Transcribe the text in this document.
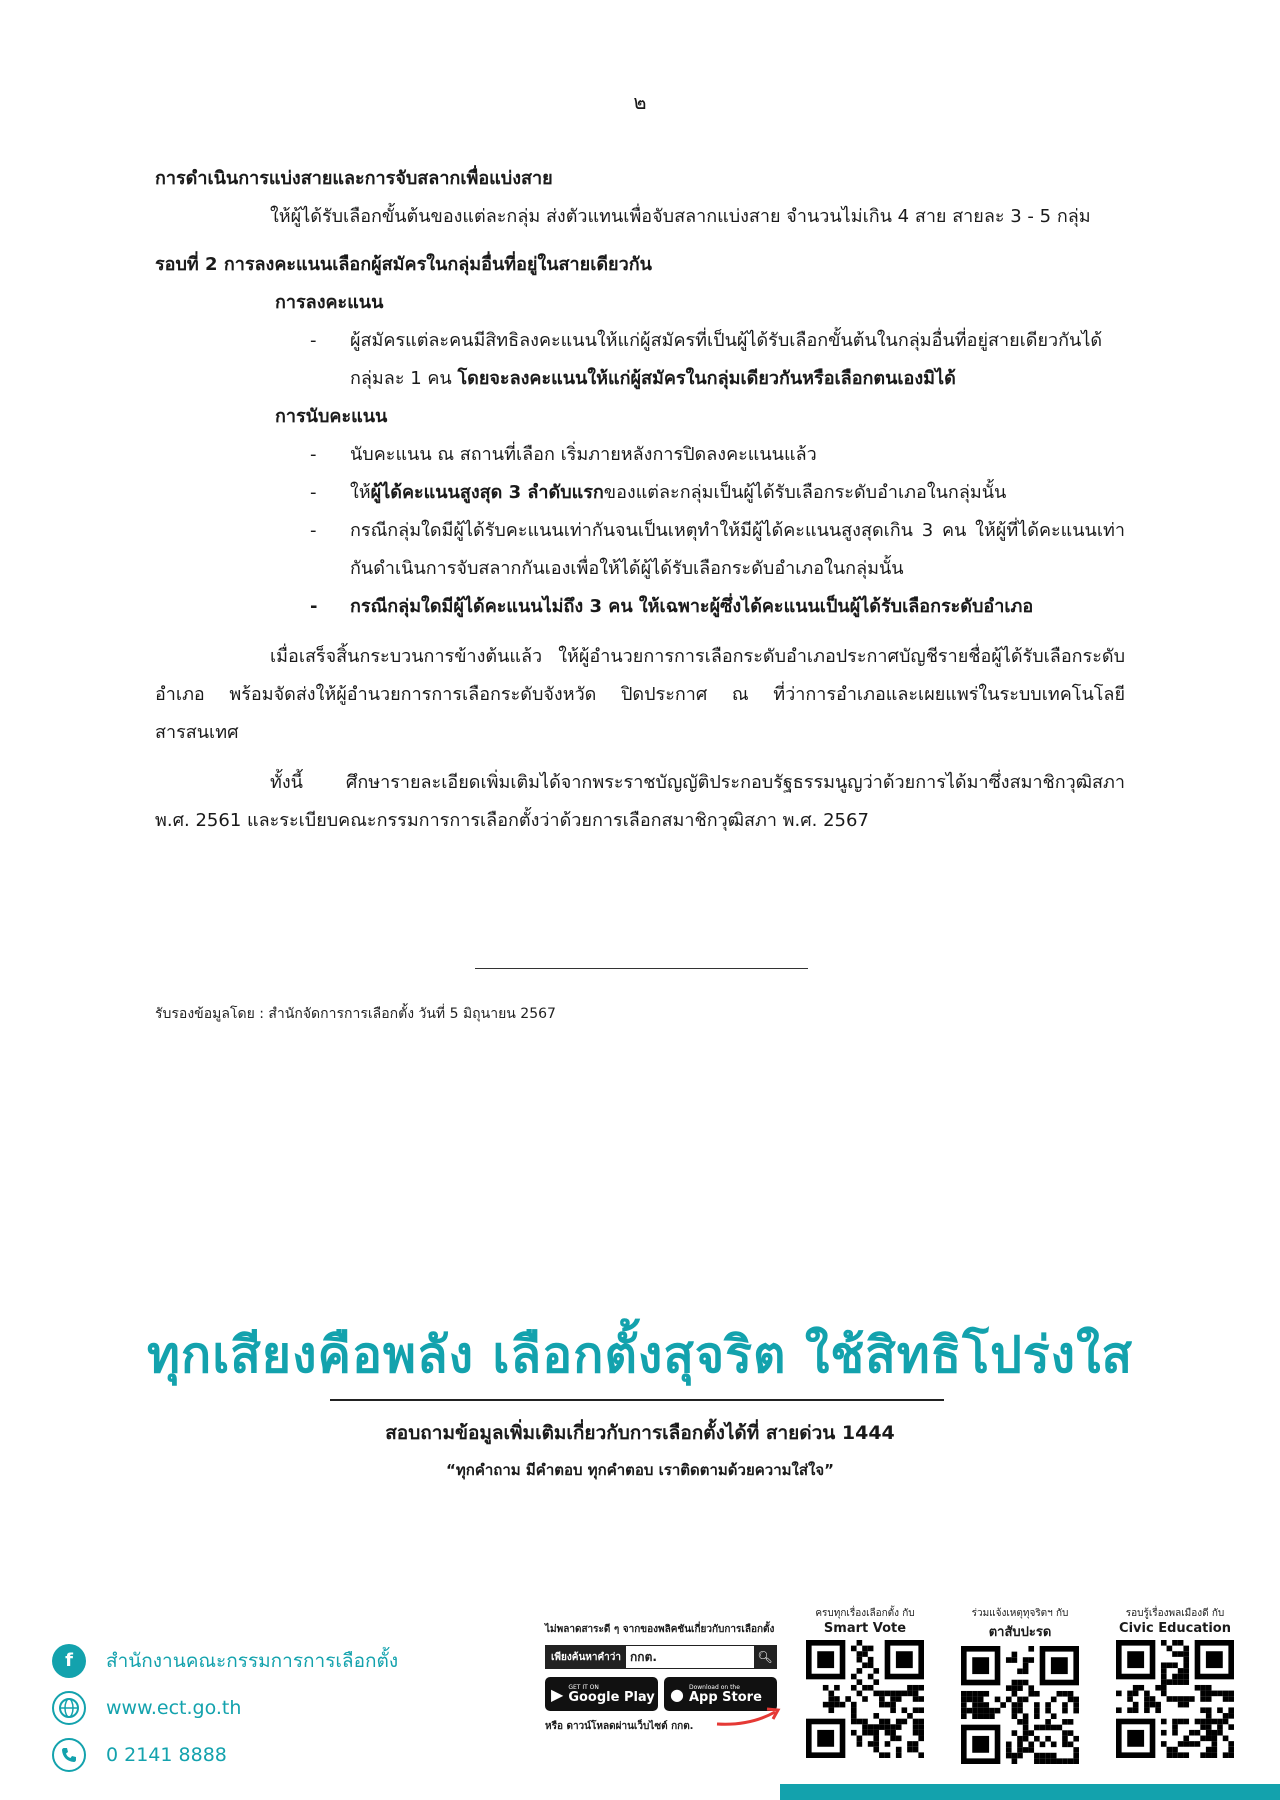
๒
การดำเนินการแบ่งสายและการจับสลากเพื่อแบ่งสาย
ให้ผู้ได้รับเลือกขั้นต้นของแต่ละกลุ่ม ส่งตัวแทนเพื่อจับสลากแบ่งสาย จำนวนไม่เกิน 4 สาย สายละ 3 - 5 กลุ่ม
รอบที่ 2 การลงคะแนนเลือกผู้สมัครในกลุ่มอื่นที่อยู่ในสายเดียวกัน
การลงคะแนน
- ผู้สมัครแต่ละคนมีสิทธิลงคะแนนให้แก่ผู้สมัครที่เป็นผู้ได้รับเลือกขั้นต้นในกลุ่มอื่นที่อยู่สายเดียวกันได้กลุ่มละ 1 คน โดยจะลงคะแนนให้แก่ผู้สมัครในกลุ่มเดียวกันหรือเลือกตนเองมิได้
การนับคะแนน
- นับคะแนน ณ สถานที่เลือก เริ่มภายหลังการปิดลงคะแนนแล้ว
- ให้ผู้ได้คะแนนสูงสุด 3 ลำดับแรกของแต่ละกลุ่มเป็นผู้ได้รับเลือกระดับอำเภอในกลุ่มนั้น
- กรณีกลุ่มใดมีผู้ได้รับคะแนนเท่ากันจนเป็นเหตุทำให้มีผู้ได้คะแนนสูงสุดเกิน 3 คน ให้ผู้ที่ได้คะแนนเท่ากันดำเนินการจับสลากกันเองเพื่อให้ได้ผู้ได้รับเลือกระดับอำเภอในกลุ่มนั้น
- กรณีกลุ่มใดมีผู้ได้คะแนนไม่ถึง 3 คน ให้เฉพาะผู้ซึ่งได้คะแนนเป็นผู้ได้รับเลือกระดับอำเภอ
เมื่อเสร็จสิ้นกระบวนการข้างต้นแล้ว ให้ผู้อำนวยการการเลือกระดับอำเภอประกาศบัญชีรายชื่อผู้ได้รับเลือกระดับอำเภอ พร้อมจัดส่งให้ผู้อำนวยการการเลือกระดับจังหวัด ปิดประกาศ ณ ที่ว่าการอำเภอและเผยแพร่ในระบบเทคโนโลยีสารสนเทศ
ทั้งนี้ ศึกษารายละเอียดเพิ่มเติมได้จากพระราชบัญญัติประกอบรัฐธรรมนูญว่าด้วยการได้มาซึ่งสมาชิกวุฒิสภา พ.ศ. 2561 และระเบียบคณะกรรมการการเลือกตั้งว่าด้วยการเลือกสมาชิกวุฒิสภา พ.ศ. 2567
รับรองข้อมูลโดย : สำนักจัดการการเลือกตั้ง วันที่ 5 มิถุนายน 2567
ทุกเสียงคือพลัง เลือกตั้งสุจริต ใช้สิทธิโปร่งใส
สอบถามข้อมูลเพิ่มเติมเกี่ยวกับการเลือกตั้งได้ที่ สายด่วน 1444
“ทุกคำถาม มีคำตอบ ทุกคำตอบ เราติดตามด้วยความใส่ใจ”
f	สำนักงานคณะกรรมการการเลือกตั้ง
www.ect.go.th
0 2141 8888
ไม่พลาดสาระดี ๆ จากของพลิคชันเกี่ยวกับการเลือกตั้ง
เพียงค้นหาคำว่า กกต.	🔍︎
▶ GET IT ON
Google Play ● Download on the
App Store
หรือ ดาวน์โหลดผ่านเว็บไซต์ กกต.
ครบทุกเรื่องเลือกตั้ง กับ
Smart Vote
ร่วมแจ้งเหตุทุจริตฯ กับ
ตาสับปะรด
รอบรู้เรื่องพลเมืองดี กับ
Civic Education
